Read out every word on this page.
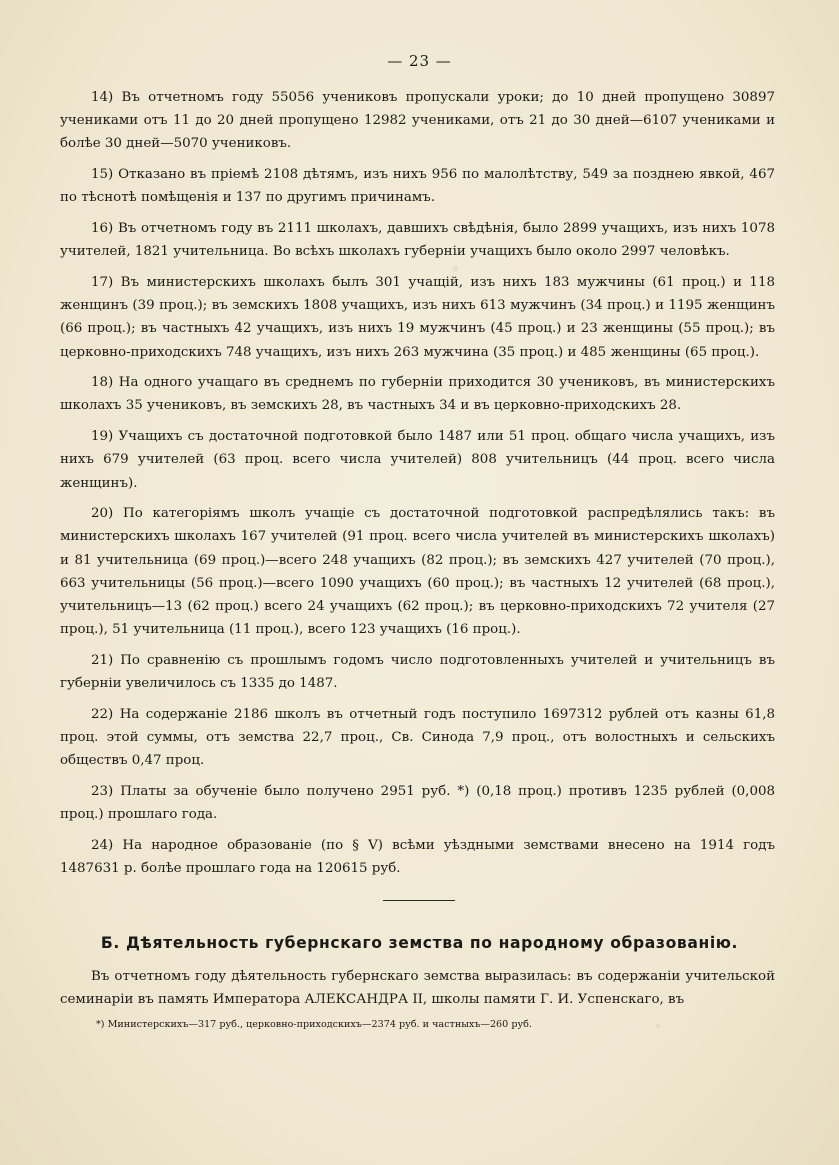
— 23 —

14) Въ отчетномъ году 55056 учениковъ пропускали уроки; до 10 дней пропущено 30897 учениками отъ 11 до 20 дней пропущено 12982 учениками, отъ 21 до 30 дней—6107 учениками и болѣе 30 дней—5070 учениковъ.

15) Отказано въ пріемѣ 2108 дѣтямъ, изъ нихъ 956 по малолѣтству, 549 за позднею явкой, 467 по тѣснотѣ помѣщенія и 137 по другимъ причинамъ.

16) Въ отчетномъ году въ 2111 школахъ, давшихъ свѣдѣнія, было 2899 учащихъ, изъ нихъ 1078 учителей, 1821 учительница. Во всѣхъ школахъ губерніи учащихъ было около 2997 человѣкъ.

17) Въ министерскихъ школахъ былъ 301 учащій, изъ нихъ 183 мужчины (61 проц.) и 118 женщинъ (39 проц.); въ земскихъ 1808 учащихъ, изъ нихъ 613 мужчинъ (34 проц.) и 1195 женщинъ (66 проц.); въ частныхъ 42 учащихъ, изъ нихъ 19 мужчинъ (45 проц.) и 23 женщины (55 проц.); въ церковно-приходскихъ 748 учащихъ, изъ нихъ 263 мужчина (35 проц.) и 485 женщины (65 проц.).

18) На одного учащаго въ среднемъ по губерніи приходится 30 учениковъ, въ министерскихъ школахъ 35 учениковъ, въ земскихъ 28, въ частныхъ 34 и въ церковно-приходскихъ 28.

19) Учащихъ съ достаточной подготовкой было 1487 или 51 проц. общаго числа учащихъ, изъ нихъ 679 учителей (63 проц. всего числа учителей) 808 учительницъ (44 проц. всего числа женщинъ).

20) По категоріямъ школъ учащіе съ достаточной подготовкой распредѣлялись такъ: въ министерскихъ школахъ 167 учителей (91 проц. всего числа учителей въ министерскихъ школахъ) и 81 учительница (69 проц.)—всего 248 учащихъ (82 проц.); въ земскихъ 427 учителей (70 проц.), 663 учительницы (56 проц.)—всего 1090 учащихъ (60 проц.); въ частныхъ 12 учителей (68 проц.), учительницъ—13 (62 проц.) всего 24 учащихъ (62 проц.); въ церковно-приходскихъ 72 учителя (27 проц.), 51 учительница (11 проц.), всего 123 учащихъ (16 проц.).

21) По сравненію съ прошлымъ годомъ число подготовленныхъ учителей и учительницъ въ губерніи увеличилось съ 1335 до 1487.

22) На содержаніе 2186 школъ въ отчетный годъ поступило 1697312 рублей отъ казны 61,8 проц. этой суммы, отъ земства 22,7 проц., Св. Синода 7,9 проц., отъ волостныхъ и сельскихъ обществъ 0,47 проц.

23) Платы за обученіе было получено 2951 руб. *) (0,18 проц.) противъ 1235 рублей (0,008 проц.) прошлаго года.

24) На народное образованіе (по § V) всѣми уѣздными земствами внесено на 1914 годъ 1487631 р. болѣе прошлаго года на 120615 руб.

Б. Дѣятельность губернскаго земства по народному образованію.

Въ отчетномъ году дѣятельность губернскаго земства выразилась: въ содержаніи учительской семинаріи въ память Императора АЛЕКСАНДРА II, школы памяти Г. И. Успенскаго, въ

*) Министерскихъ—317 руб., церковно-приходскихъ—2374 руб. и частныхъ—260 руб.
